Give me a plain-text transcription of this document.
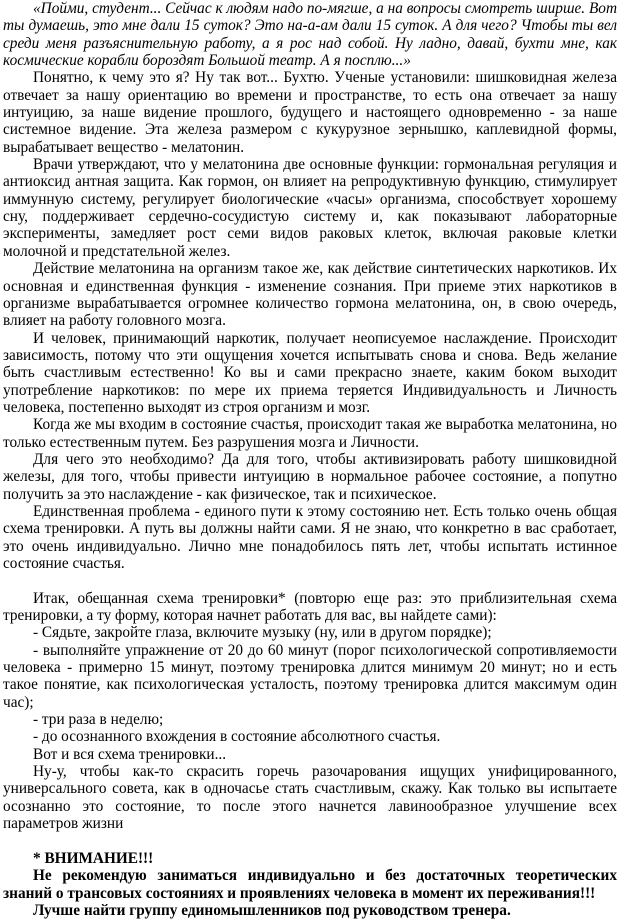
«Пойми, студент... Сейчас к людям надо по-мягше, а на вопросы смотреть ширше. Вот ты думаешь, это мне дали 15 суток? Это на-а-ам дали 15 суток. А для чего? Чтобы ты вел среди меня разъяснительную работу, а я рос над собой. Ну ладно, давай, бухти мне, как космические корабли бороздят Большой театр. А я посплю...»

Понятно, к чему это я? Ну так вот... Бухтю. Ученые установили: шишковидная железа отвечает за нашу ориентацию во времени и пространстве, то есть она отвечает за нашу интуицию, за наше видение прошлого, будущего и настоящего одновременно - за наше системное видение. Эта железа размером с кукурузное зернышко, каплевидной формы, вырабатывает вещество - мелатонин.

Врачи утверждают, что у мелатонина две основные функции: гормональная регуляция и антиоксид антная защита. Как гормон, он влияет на репродуктивную функцию, стимулирует иммунную систему, регулирует биологические «часы» организма, способствует хорошему сну, поддерживает сердечно-сосудистую систему и, как показывают лабораторные эксперименты, замедляет рост семи видов раковых клеток, включая раковые клетки молочной и предстательной желез.

Действие мелатонина на организм такое же, как действие синтетических наркотиков. Их основная и единственная функция - изменение сознания. При приеме этих наркотиков в организме вырабатывается огромнее количество гормона мелатонина, он, в свою очередь, влияет на работу головного мозга.

И человек, принимающий наркотик, получает неописуемое наслаждение. Происходит зависимость, потому что эти ощущения хочется испытывать снова и снова. Ведь желание быть счастливым естественно! Ко вы и сами прекрасно знаете, каким боком выходит употребление наркотиков: по мере их приема теряется Индивидуальность и Личность человека, постепенно выходят из строя организм и мозг.

Когда же мы входим в состояние счастья, происходит такая же выработка мелатонина, но только естественным путем. Без разрушения мозга и Личности.

Для чего это необходимо? Да для того, чтобы активизировать работу шишковидной железы, для того, чтобы привести интуицию в нормальное рабочее состояние, а попутно получить за это наслаждение - как физическое, так и психическое.

Единственная проблема - единого пути к этому состоянию нет. Есть только очень общая схема тренировки. А путь вы должны найти сами. Я не знаю, что конкретно в вас сработает, это очень индивидуально. Лично мне понадобилось пять лет, чтобы испытать истинное состояние счастья.

Итак, обещанная схема тренировки* (повторю еще раз: это приблизительная схема тренировки, а ту форму, которая начнет работать для вас, вы найдете сами):

- Сядьте, закройте глаза, включите музыку (ну, или в другом порядке);

- выполняйте упражнение от 20 до 60 минут (порог психологической сопротивляемости человека - примерно 15 минут, поэтому тренировка длится минимум 20 минут; но и есть такое понятие, как психологическая усталость, поэтому тренировка длится максимум один час);

- три раза в неделю;

- до осознанного вхождения в состояние абсолютного счастья.

Вот и вся схема тренировки...

Ну-у, чтобы как-то скрасить горечь разочарования ищущих унифицированного, универсального совета, как в одночасье стать счастливым, скажу. Как только вы испытаете осознанно это состояние, то после этого начнется лавинообразное улучшение всех параметров жизни

* ВНИМАНИЕ!!!

Не рекомендую заниматься индивидуально и без достаточных теоретических знаний о трансовых состояниях и проявлениях человека в момент их переживания!!!

Лучше найти группу единомышленников под руководством тренера.
